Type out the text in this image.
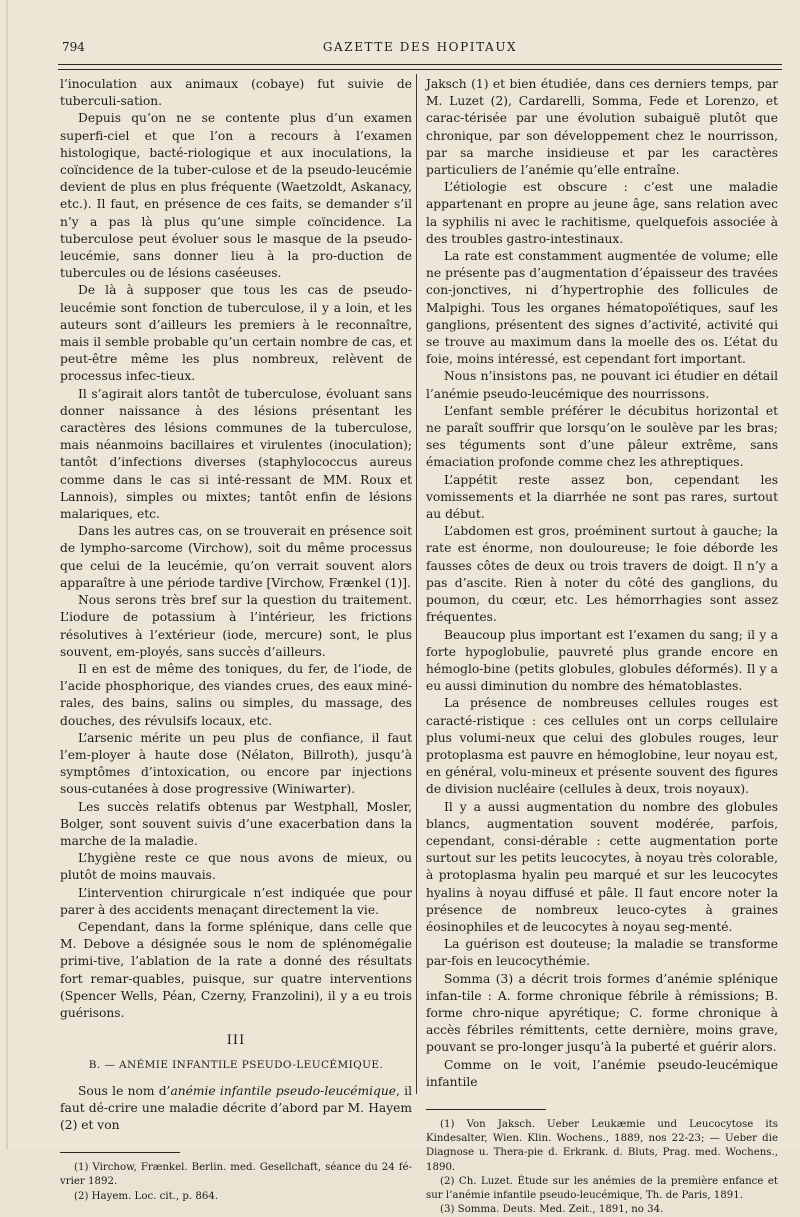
794	GAZETTE DES HOPITAUX

l’inoculation aux animaux (cobaye) fut suivie de tuberculi-sation.

Depuis qu’on ne se contente plus d’un examen superfi-ciel et que l’on a recours à l’examen histologique, bacté-riologique et aux inoculations, la coïncidence de la tuber-culose et de la pseudo-leucémie devient de plus en plus fréquente (Waetzoldt, Askanacy, etc.). Il faut, en présence de ces faits, se demander s’il n’y a pas là plus qu’une simple coïncidence. La tuberculose peut évoluer sous le masque de la pseudo-leucémie, sans donner lieu à la pro-duction de tubercules ou de lésions caséeuses.

De là à supposer que tous les cas de pseudo-leucémie sont fonction de tuberculose, il y a loin, et les auteurs sont d’ailleurs les premiers à le reconnaître, mais il semble probable qu’un certain nombre de cas, et peut-être même les plus nombreux, relèvent de processus infec-tieux.

Il s’agirait alors tantôt de tuberculose, évoluant sans donner naissance à des lésions présentant les caractères des lésions communes de la tuberculose, mais néanmoins bacillaires et virulentes (inoculation); tantôt d’infections diverses (staphylococcus aureus comme dans le cas si inté-ressant de MM. Roux et Lannois), simples ou mixtes; tantôt enfin de lésions malariques, etc.

Dans les autres cas, on se trouverait en présence soit de lympho-sarcome (Virchow), soit du même processus que celui de la leucémie, qu’on verrait souvent alors apparaître à une période tardive [Virchow, Frænkel (1)].

Nous serons très bref sur la question du traitement. L’iodure de potassium à l’intérieur, les frictions résolutives à l’extérieur (iode, mercure) sont, le plus souvent, em-ployés, sans succès d’ailleurs.

Il en est de même des toniques, du fer, de l’iode, de l’acide phosphorique, des viandes crues, des eaux miné-rales, des bains, salins ou simples, du massage, des douches, des révulsifs locaux, etc.

L’arsenic mérite un peu plus de confiance, il faut l’em-ployer à haute dose (Nélaton, Billroth), jusqu’à symptômes d’intoxication, ou encore par injections sous-cutanées à dose progressive (Winiwarter).

Les succès relatifs obtenus par Westphall, Mosler, Bolger, sont souvent suivis d’une exacerbation dans la marche de la maladie.

L’hygiène reste ce que nous avons de mieux, ou plutôt de moins mauvais.

L’intervention chirurgicale n’est indiquée que pour parer à des accidents menaçant directement la vie.

Cependant, dans la forme splénique, dans celle que M. Debove a désignée sous le nom de splénomégalie primi-tive, l’ablation de la rate a donné des résultats fort remar-quables, puisque, sur quatre interventions (Spencer Wells, Péan, Czerny, Franzolini), il y a eu trois guérisons.

III
B. — ANÉMIE INFANTILE PSEUDO-LEUCÉMIQUE.

Sous le nom d’anémie infantile pseudo-leucémique, il faut dé-crire une maladie décrite d’abord par M. Hayem (2) et von

(1) Virchow, Frænkel. Berlin. med. Gesellchaft, séance du 24 fé-vrier 1892.

(2) Hayem. Loc. cit., p. 864.

Jaksch (1) et bien étudiée, dans ces derniers temps, par M. Luzet (2), Cardarelli, Somma, Fede et Lorenzo, et carac-térisée par une évolution subaiguë plutôt que chronique, par son développement chez le nourrisson, par sa marche insidieuse et par les caractères particuliers de l’anémie qu’elle entraîne.

L’étiologie est obscure : c’est une maladie appartenant en propre au jeune âge, sans relation avec la syphilis ni avec le rachitisme, quelquefois associée à des troubles gastro-intestinaux.

La rate est constamment augmentée de volume; elle ne présente pas d’augmentation d’épaisseur des travées con-jonctives, ni d’hypertrophie des follicules de Malpighi. Tous les organes hématopoïétiques, sauf les ganglions, présentent des signes d’activité, activité qui se trouve au maximum dans la moelle des os. L’état du foie, moins intéressé, est cependant fort important.

Nous n’insistons pas, ne pouvant ici étudier en détail l’anémie pseudo-leucémique des nourrissons.

L’enfant semble préférer le décubitus horizontal et ne paraît souffrir que lorsqu’on le soulève par les bras; ses téguments sont d’une pâleur extrême, sans émaciation profonde comme chez les athreptiques.

L’appétit reste assez bon, cependant les vomissements et la diarrhée ne sont pas rares, surtout au début.

L’abdomen est gros, proéminent surtout à gauche; la rate est énorme, non douloureuse; le foie déborde les fausses côtes de deux ou trois travers de doigt. Il n’y a pas d’ascite. Rien à noter du côté des ganglions, du poumon, du cœur, etc. Les hémorrhagies sont assez fréquentes.

Beaucoup plus important est l’examen du sang; il y a forte hypoglobulie, pauvreté plus grande encore en hémoglo-bine (petits globules, globules déformés). Il y a eu aussi diminution du nombre des hématoblastes.

La présence de nombreuses cellules rouges est caracté-ristique : ces cellules ont un corps cellulaire plus volumi-neux que celui des globules rouges, leur protoplasma est pauvre en hémoglobine, leur noyau est, en général, volu-mineux et présente souvent des figures de division nucléaire (cellules à deux, trois noyaux).

Il y a aussi augmentation du nombre des globules blancs, augmentation souvent modérée, parfois, cependant, consi-dérable : cette augmentation porte surtout sur les petits leucocytes, à noyau très colorable, à protoplasma hyalin peu marqué et sur les leucocytes hyalins à noyau diffusé et pâle. Il faut encore noter la présence de nombreux leuco-cytes à graines éosinophiles et de leucocytes à noyau seg-menté.

La guérison est douteuse; la maladie se transforme par-fois en leucocythémie.

Somma (3) a décrit trois formes d’anémie splénique infan-tile : A. forme chronique fébrile à rémissions; B. forme chro-nique apyrétique; C. forme chronique à accès fébriles rémittents, cette dernière, moins grave, pouvant se pro-longer jusqu’à la puberté et guérir alors.

Comme on le voit, l’anémie pseudo-leucémique infantile

(1) Von Jaksch. Ueber Leukæmie und Leucocytose its Kindesalter, Wien. Klin. Wochens., 1889, nos 22-23; — Ueber die Diagnose u. Thera-pie d. Erkrank. d. Bluts, Prag. med. Wochens., 1890.

(2) Ch. Luzet. Étude sur les anémies de la première enfance et sur l’anémie infantile pseudo-leucémique, Th. de Paris, 1891.

(3) Somma. Deuts. Med. Zeit., 1891, no 34.
